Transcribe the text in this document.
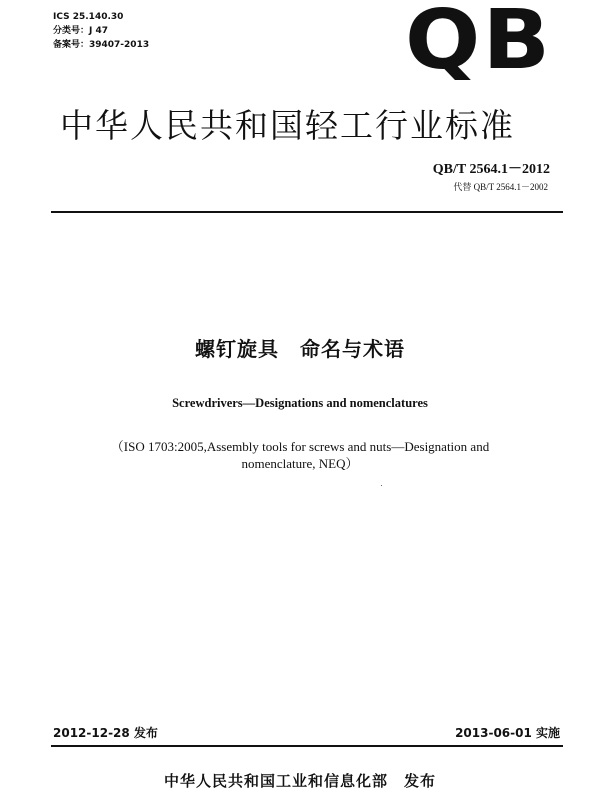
ICS 25.140.30
分类号：J 47
备案号：39407-2013	QB
中华人民共和国轻工行业标准
QB/T 2564.1－2012
代替 QB/T 2564.1－2002
螺钉旋具　命名与术语
Screwdrivers—Designations and nomenclatures
（ISO 1703:2005,Assembly tools for screws and nuts—Designation and
nomenclature, NEQ）
2012-12-28 发布	2013-06-01 实施
中华人民共和国工业和信息化部　发布
